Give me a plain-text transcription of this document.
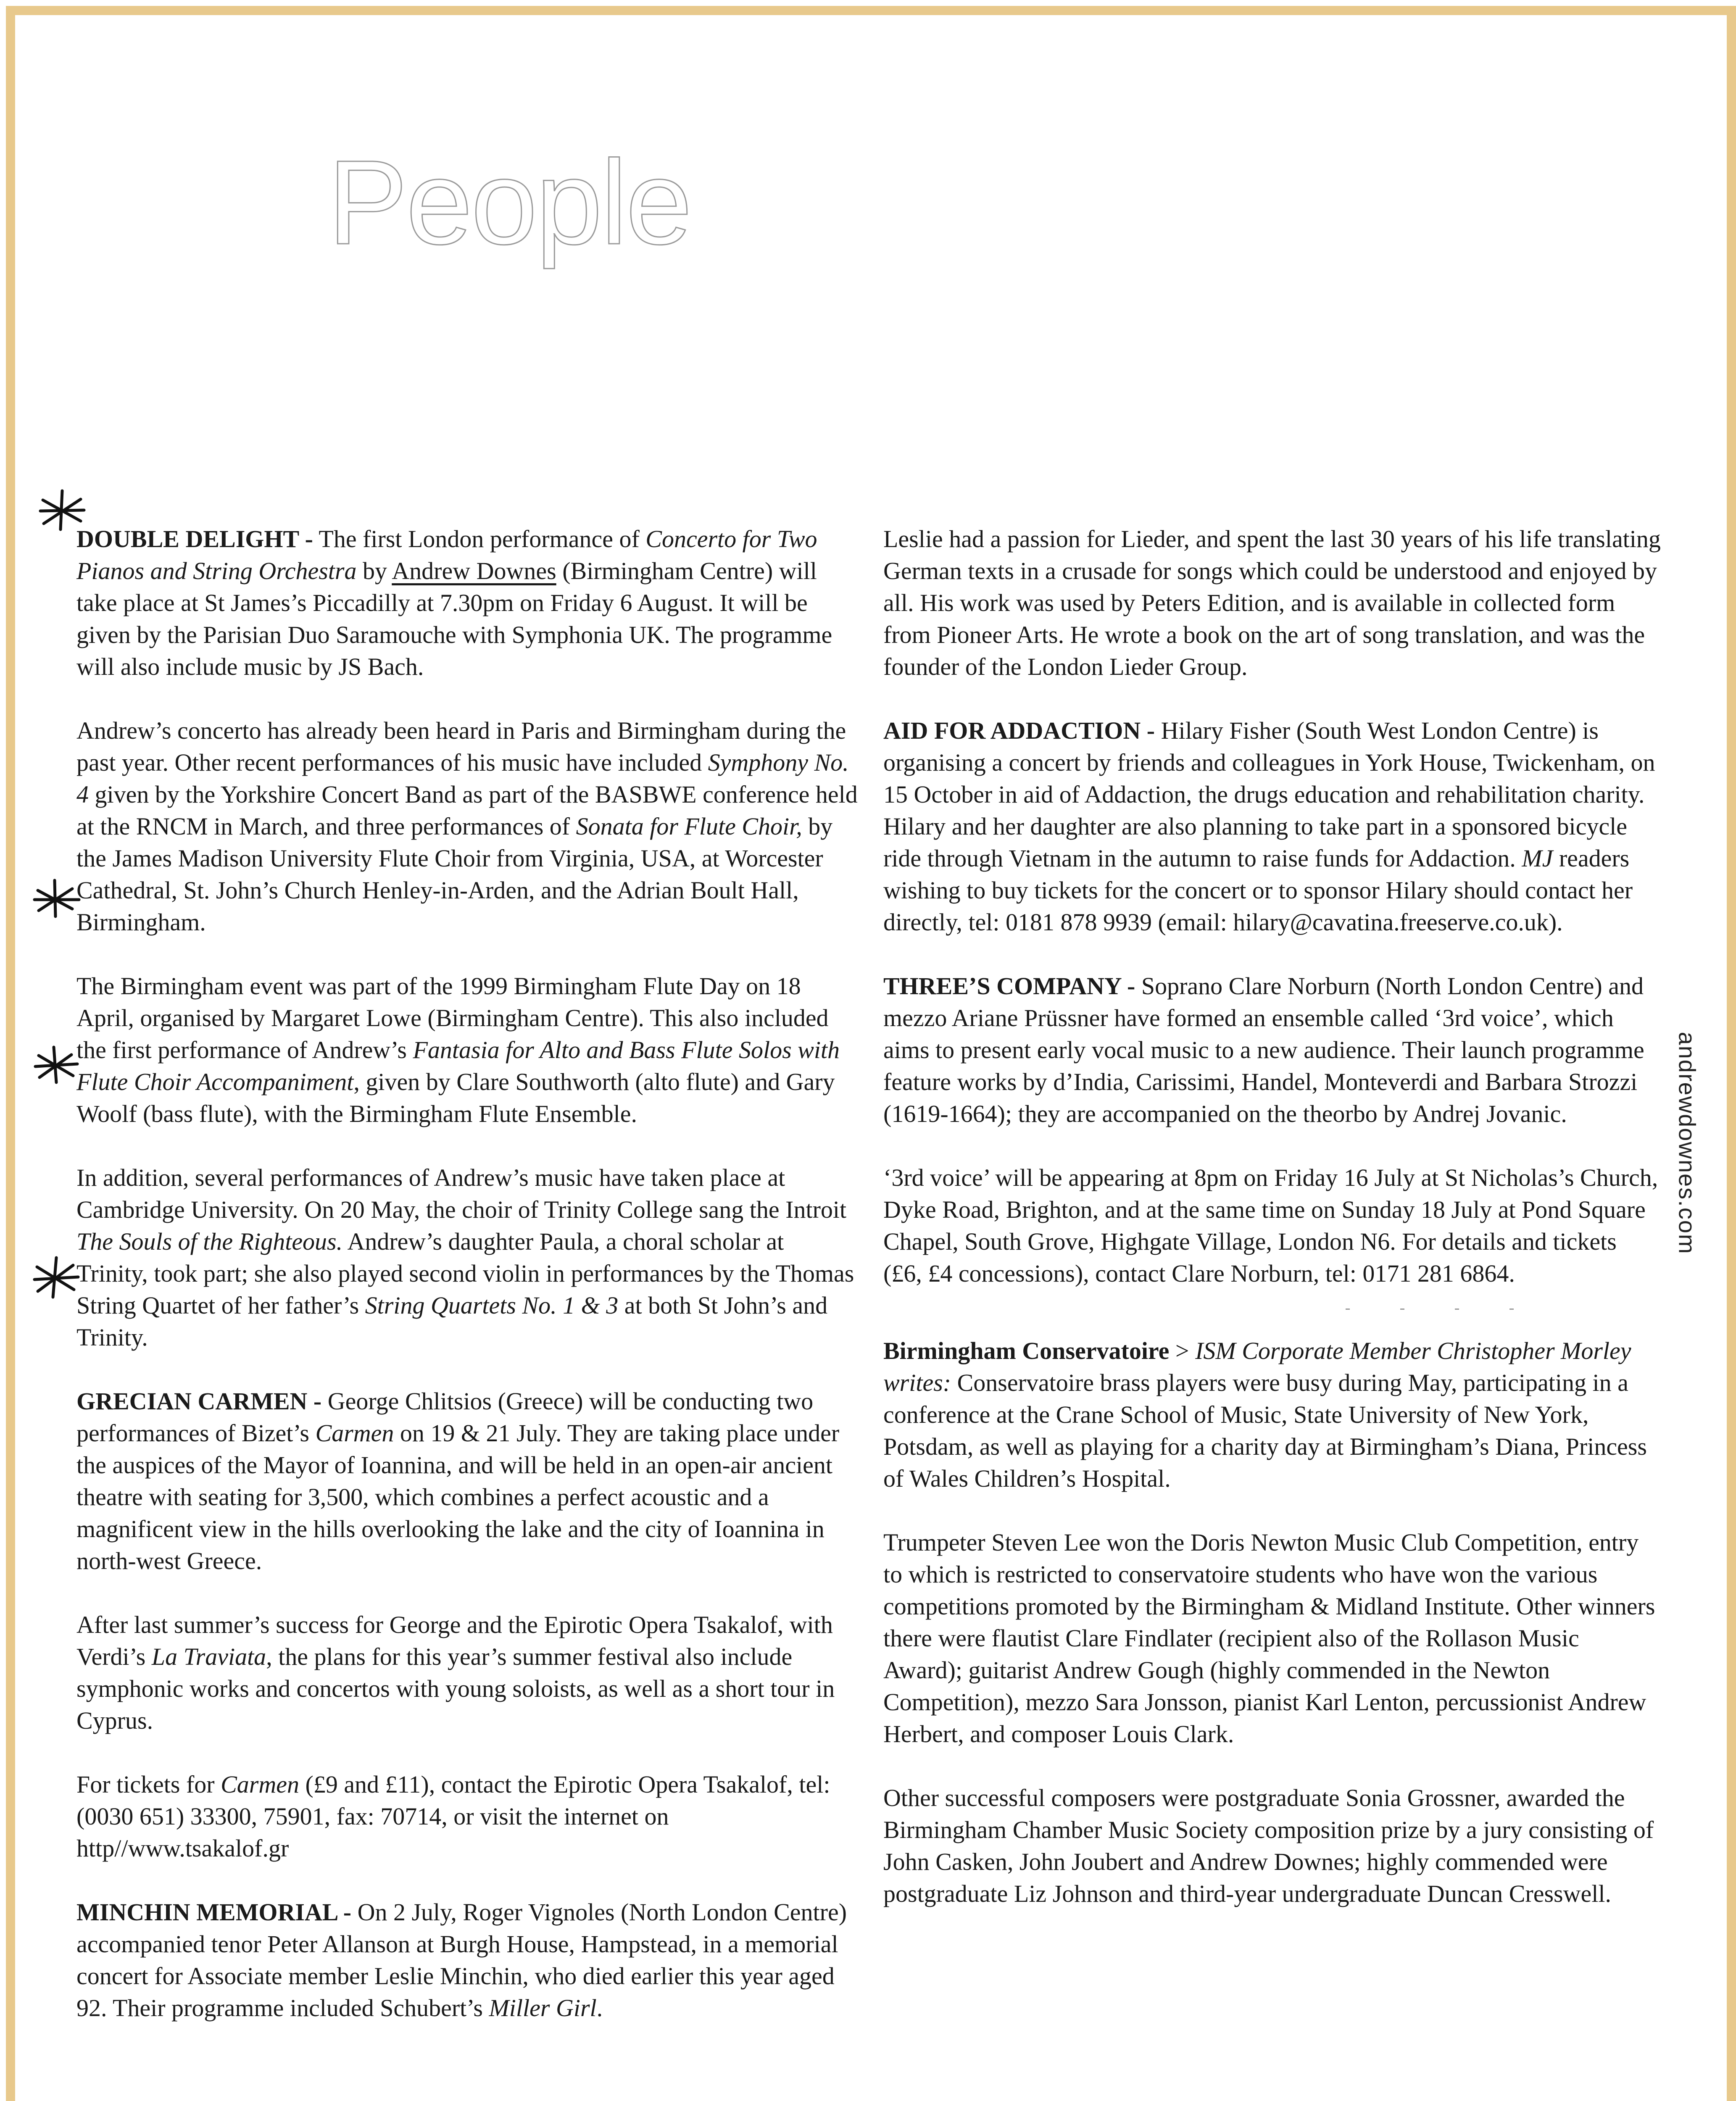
People
andrewdownes.com

DOUBLE DELIGHT - The first London performance of Concerto for Two Pianos and String Orchestra by Andrew Downes (Birmingham Centre) will take place at St James’s Piccadilly at 7.30pm on Friday 6 August. It will be given by the Parisian Duo Saramouche with Symphonia UK. The programme will also include music by JS Bach.

Andrew’s concerto has already been heard in Paris and Birmingham during the past year. Other recent performances of his music have included Symphony No. 4 given by the Yorkshire Concert Band as part of the BASBWE conference held at the RNCM in March, and three performances of Sonata for Flute Choir, by the James Madison University Flute Choir from Virginia, USA, at Worcester Cathedral, St. John’s Church Henley-in-Arden, and the Adrian Boult Hall, Birmingham.

The Birmingham event was part of the 1999 Birmingham Flute Day on 18 April, organised by Margaret Lowe (Birmingham Centre). This also included the first performance of Andrew’s Fantasia for Alto and Bass Flute Solos with Flute Choir Accompaniment, given by Clare Southworth (alto flute) and Gary Woolf (bass flute), with the Birmingham Flute Ensemble.

In addition, several performances of Andrew’s music have taken place at Cambridge University. On 20 May, the choir of Trinity College sang the Introit The Souls of the Righteous. Andrew’s daughter Paula, a choral scholar at Trinity, took part; she also played second violin in performances by the Thomas String Quartet of her father’s String Quartets No. 1 & 3 at both St John’s and Trinity.

GRECIAN CARMEN - George Chlitsios (Greece) will be conducting two performances of Bizet’s Carmen on 19 & 21 July. They are taking place under the auspices of the Mayor of Ioannina, and will be held in an open-air ancient theatre with seating for 3,500, which combines a perfect acoustic and a magnificent view in the hills overlooking the lake and the city of Ioannina in north-west Greece.

After last summer’s success for George and the Epirotic Opera Tsakalof, with Verdi’s La Traviata, the plans for this year’s summer festival also include symphonic works and concertos with young soloists, as well as a short tour in Cyprus.

For tickets for Carmen (£9 and £11), contact the Epirotic Opera Tsakalof, tel: (0030 651) 33300, 75901, fax: 70714, or visit the internet on http//www.tsakalof.gr

MINCHIN MEMORIAL - On 2 July, Roger Vignoles (North London Centre) accompanied tenor Peter Allanson at Burgh House, Hampstead, in a memorial concert for Associate member Leslie Minchin, who died earlier this year aged 92. Their programme included Schubert’s Miller Girl.

Leslie had a passion for Lieder, and spent the last 30 years of his life translating German texts in a crusade for songs which could be understood and enjoyed by all. His work was used by Peters Edition, and is available in collected form from Pioneer Arts. He wrote a book on the art of song translation, and was the founder of the London Lieder Group.

AID FOR ADDACTION - Hilary Fisher (South West London Centre) is organising a concert by friends and colleagues in York House, Twickenham, on 15 October in aid of Addaction, the drugs education and rehabilitation charity. Hilary and her daughter are also planning to take part in a sponsored bicycle ride through Vietnam in the autumn to raise funds for Addaction. MJ readers wishing to buy tickets for the concert or to sponsor Hilary should contact her directly, tel: 0181 878 9939 (email: hilary@cavatina.freeserve.co.uk).

THREE’S COMPANY - Soprano Clare Norburn (North London Centre) and mezzo Ariane Prüssner have formed an ensemble called ‘3rd voice’, which aims to present early vocal music to a new audience. Their launch programme feature works by d’India, Carissimi, Handel, Monteverdi and Barbara Strozzi (1619-1664); they are accompanied on the theorbo by Andrej Jovanic.

‘3rd voice’ will be appearing at 8pm on Friday 16 July at St Nicholas’s Church, Dyke Road, Brighton, and at the same time on Sunday 18 July at Pond Square Chapel, South Grove, Highgate Village, London N6. For details and tickets (£6, £4 concessions), contact Clare Norburn, tel: 0171 281 6864.

Birmingham Conservatoire > ISM Corporate Member Christopher Morley writes: Conservatoire brass players were busy during May, participating in a conference at the Crane School of Music, State University of New York, Potsdam, as well as playing for a charity day at Birmingham’s Diana, Princess of Wales Children’s Hospital.

Trumpeter Steven Lee won the Doris Newton Music Club Competition, entry to which is restricted to conservatoire students who have won the various competitions promoted by the Birmingham & Midland Institute. Other winners there were flautist Clare Findlater (recipient also of the Rollason Music Award); guitarist Andrew Gough (highly commended in the Newton Competition), mezzo Sara Jonsson, pianist Karl Lenton, percussionist Andrew Herbert, and composer Louis Clark.

Other successful composers were postgraduate Sonia Grossner, awarded the Birmingham Chamber Music Society composition prize by a jury consisting of John Casken, John Joubert and Andrew Downes; highly commended were postgraduate Liz Johnson and third-year undergraduate Duncan Cresswell.
